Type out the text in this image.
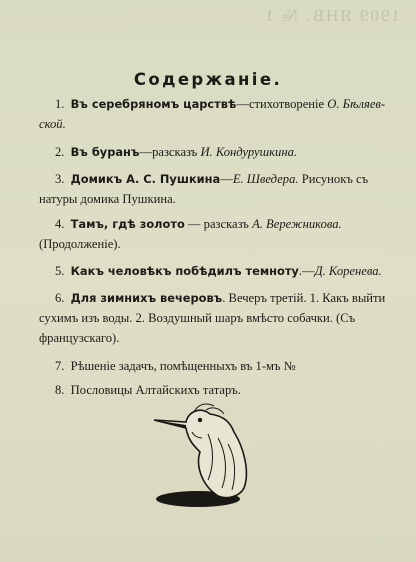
1909 ЯНВ. № 1
Содержаніе.
1. Въ серебряномъ царствѣ—стихотвореніе О. Бѣляев-
ской.
2. Въ буранъ—разсказъ И. Кондурушкина.
3. Домикъ А. С. Пушкина—Е. Шведера. Рисунокъ съ
натуры домика Пушкина.
4. Тамъ, гдѣ золото — разсказъ А. Вережникова.
(Продолженіе).
5. Какъ человѣкъ побѣдилъ темноту.—Д. Коренева.
6. Для зимнихъ вечеровъ. Вечеръ третій. 1. Какъ выйти
сухимъ изъ воды. 2. Воздушный шаръ вмѣсто собачки. (Съ
французскаго).
7. Рѣшеніе задачъ, помѣщенныхъ въ 1-мъ №
8. Пословицы Алтайскихъ татаръ.
